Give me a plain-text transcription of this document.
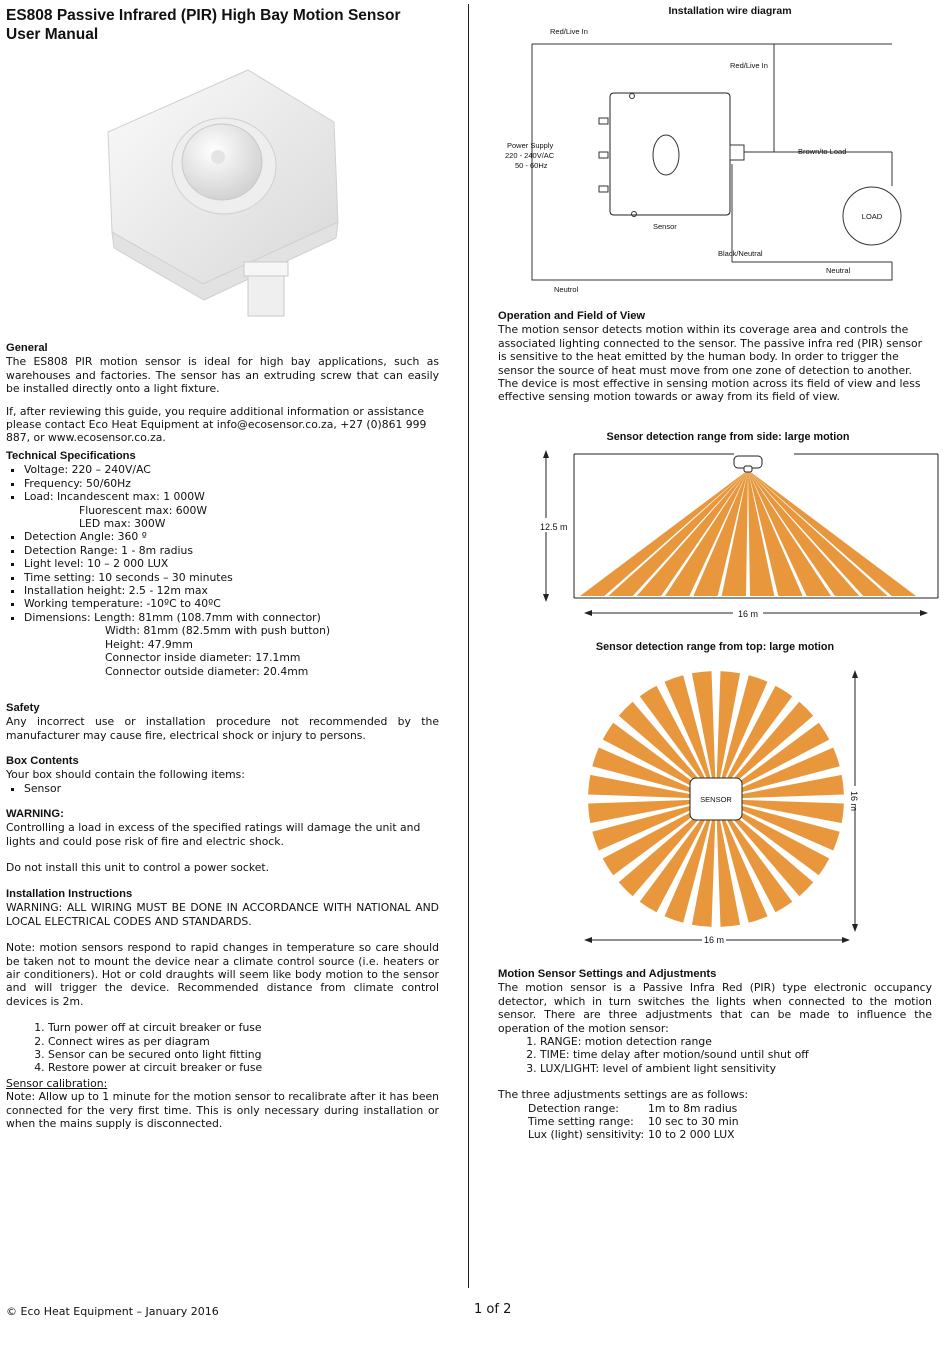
ES808 Passive Infrared (PIR) High Bay Motion Sensor
User Manual
General

The ES808 PIR motion sensor is ideal for high bay applications, such as warehouses and factories. The sensor has an extruding screw that can easily be installed directly onto a light fixture.

If, after reviewing this guide, you require additional information or assistance please contact Eco Heat Equipment at info@ecosensor.co.za, +27 (0)861 999 887, or www.ecosensor.co.za.

Technical Specifications
▪ Voltage: 220 – 240V/AC
▪ Frequency: 50/60Hz
▪ Load: Incandescent max: 1 000W
Fluorescent max: 600W
LED max: 300W
▪ Detection Angle: 360 º
▪ Detection Range: 1 - 8m radius
▪ Light level: 10 – 2 000 LUX
▪ Time setting: 10 seconds – 30 minutes
▪ Installation height: 2.5 - 12m max
▪ Working temperature: -10ºC to 40ºC
▪ Dimensions: Length: 81mm (108.7mm with connector)
Width: 81mm (82.5mm with push button)
Height: 47.9mm
Connector inside diameter: 17.1mm
Connector outside diameter: 20.4mm
Safety

Any incorrect use or installation procedure not recommended by the manufacturer may cause fire, electrical shock or injury to persons.

Box Contents

Your box should contain the following items:

▪ Sensor
WARNING:

Controlling a load in excess of the specified ratings will damage the unit and lights and could pose risk of fire and electric shock.

Do not install this unit to control a power socket.

Installation Instructions

WARNING: ALL WIRING MUST BE DONE IN ACCORDANCE WITH NATIONAL AND LOCAL ELECTRICAL CODES AND STANDARDS.

Note: motion sensors respond to rapid changes in temperature so care should be taken not to mount the device near a climate control source (i.e. heaters or air conditioners). Hot or cold draughts will seem like body motion to the sensor and will trigger the device. Recommended distance from climate control devices is 2m.

1. Turn power off at circuit breaker or fuse
2. Connect wires as per diagram
3. Sensor can be secured onto light fitting
4. Restore power at circuit breaker or fuse
Sensor calibration:

Note: Allow up to 1 minute for the motion sensor to recalibrate after it has been connected for the very first time. This is only necessary during installation or when the mains supply is disconnected.

Installation wire diagram
Red/Live In
Red/Live In
Power Supply
220 - 240V/AC
50 - 60Hz
Brown/to Load
LOAD
Sensor
Black/Neutral
Neutral
Neutrol
Operation and Field of View

The motion sensor detects motion within its coverage area and controls the associated lighting connected to the sensor. The passive infra red (PIR) sensor is sensitive to the heat emitted by the human body. In order to trigger the sensor the source of heat must move from one zone of detection to another. The device is most effective in sensing motion across its field of view and less effective sensing motion towards or away from its field of view.

Sensor detection range from side: large motion
12.5 m
16 m
Sensor detection range from top: large motion
SENSOR	16 m
16 m
Motion Sensor Settings and Adjustments

The motion sensor is a Passive Infra Red (PIR) type electronic occupancy detector, which in turn switches the lights when connected to the motion sensor. There are three adjustments that can be made to influence the operation of the motion sensor:

1. RANGE: motion detection range
2. TIME: time delay after motion/sound until shut off
3. LUX/LIGHT: level of ambient light sensitivity

The three adjustments settings are as follows:

Detection range:	1m to 8m radius
Time setting range:	10 sec to 30 min
Lux (light) sensitivity: 10 to 2 000 LUX
© Eco Heat Equipment – January 2016	1 of 2
